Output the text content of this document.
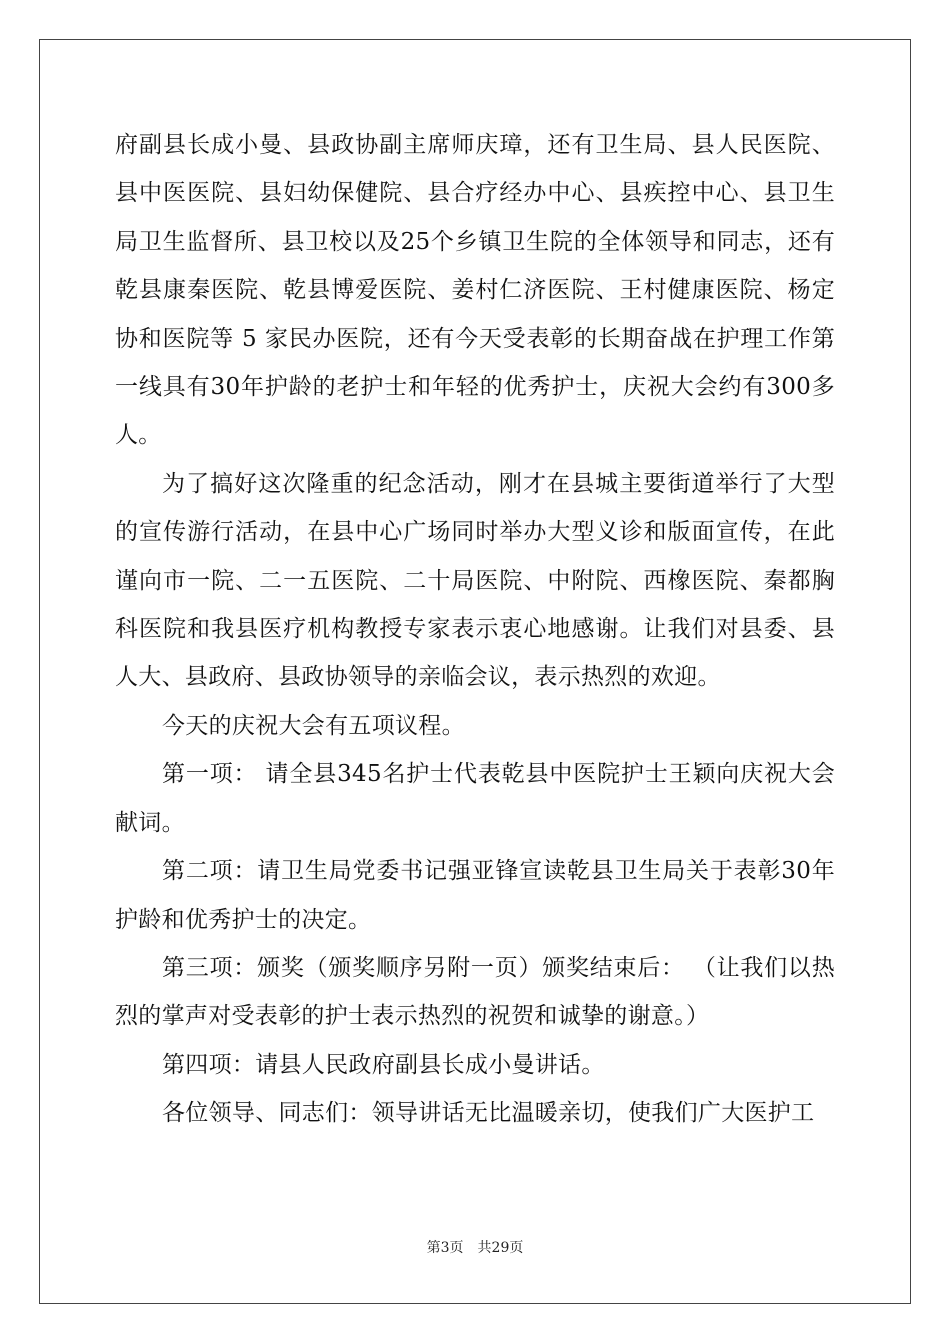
府副县长成小曼、县政协副主席师庆璋，还有卫生局、县人民医院、县中医医院、县妇幼保健院、县合疗经办中心、县疾控中心、县卫生局卫生监督所、县卫校以及25个乡镇卫生院的全体领导和同志，还有乾县康秦医院、乾县博爱医院、姜村仁济医院、王村健康医院、杨定协和医院等 5 家民办医院，还有今天受表彰的长期奋战在护理工作第一线具有30年护龄的老护士和年轻的优秀护士，庆祝大会约有300多人。

为了搞好这次隆重的纪念活动，刚才在县城主要街道举行了大型的宣传游行活动，在县中心广场同时举办大型义诊和版面宣传，在此谨向市一院、二一五医院、二十局医院、中附院、西橡医院、秦都胸科医院和我县医疗机构教授专家表示衷心地感谢。让我们对县委、县人大、县政府、县政协领导的亲临会议，表示热烈的欢迎。

今天的庆祝大会有五项议程。

第一项： 请全县345名护士代表乾县中医院护士王颖向庆祝大会献词。

第二项：请卫生局党委书记强亚锋宣读乾县卫生局关于表彰30年护龄和优秀护士的决定。

第三项：颁奖（颁奖顺序另附一页）颁奖结束后： （让我们以热烈的掌声对受表彰的护士表示热烈的祝贺和诚挚的谢意。）

第四项：请县人民政府副县长成小曼讲话。

各位领导、同志们：领导讲话无比温暖亲切，使我们广大医护工

第3页 共29页
